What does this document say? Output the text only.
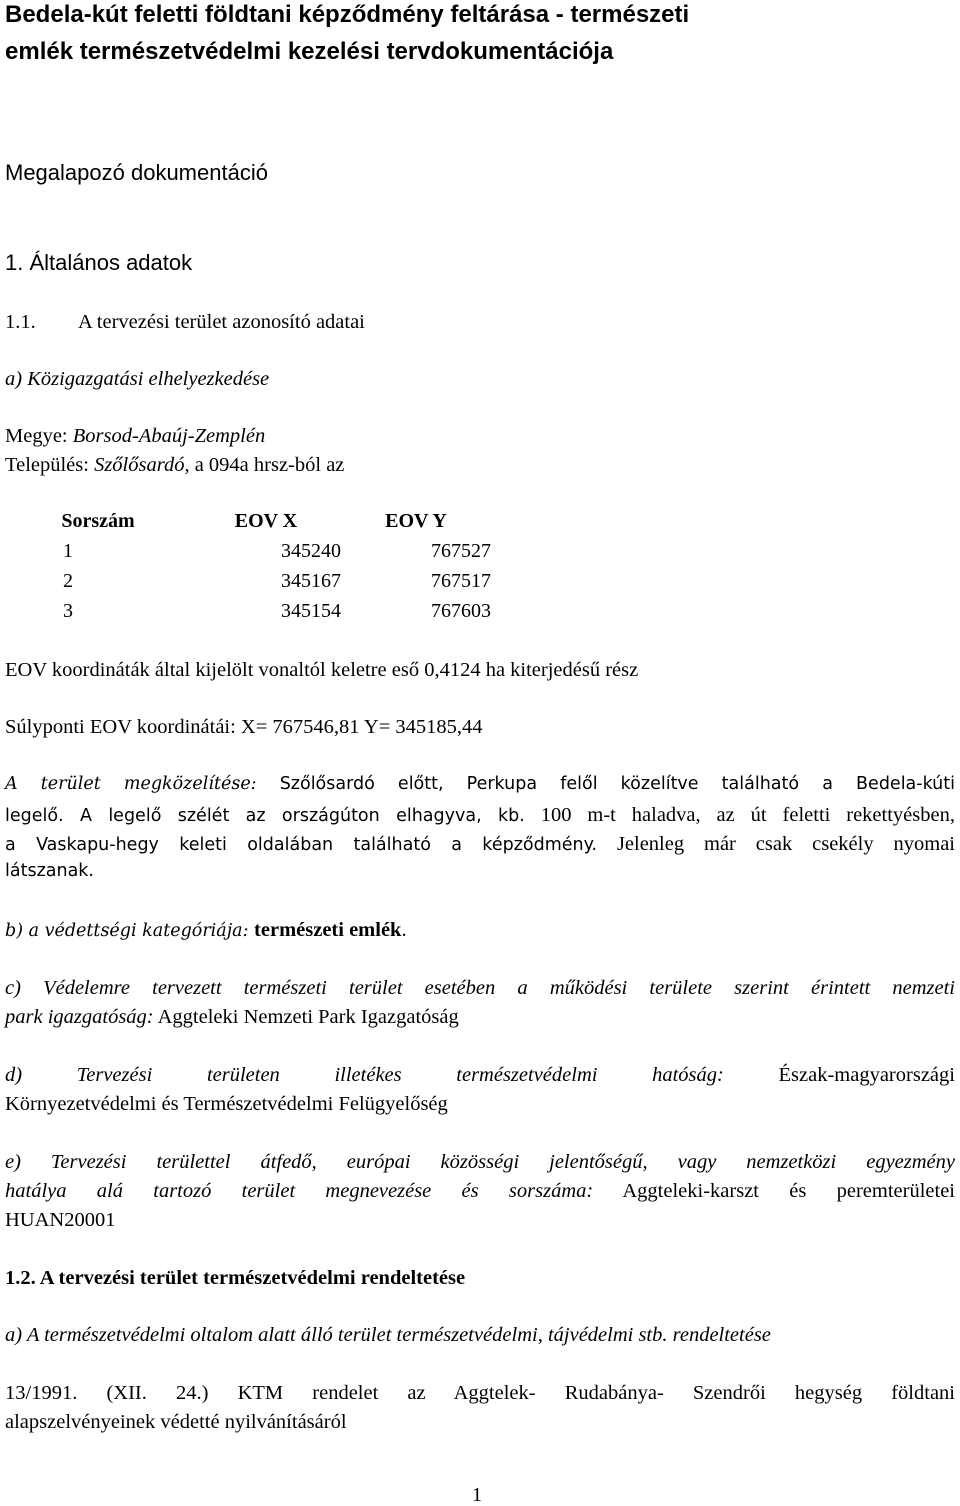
Bedela-kút feletti földtani képződmény feltárása - természeti
emlék természetvédelmi kezelési tervdokumentációja
Megalapozó dokumentáció
1. Általános adatok
1.1. A tervezési terület azonosító adatai
a) Közigazgatási elhelyezkedése
Megye: Borsod-Abaúj-Zemplén
Település: Szőlősardó, a 094a hrsz-ból az
Sorszám	EOV X	EOV Y
1	345240	767527
2	345167	767517
3	345154	767603
EOV koordináták által kijelölt vonaltól keletre eső 0,4124 ha kiterjedésű rész
Súlyponti EOV koordinátái: X= 767546,81 Y= 345185,44
A terület megközelítése: Szőlősardó előtt, Perkupa felől közelítve található a Bedela-kúti
legelő. A legelő szélét az országúton elhagyva, kb. 100 m-t haladva, az út feletti rekettyésben,
a Vaskapu-hegy keleti oldalában található a képződmény. Jelenleg már csak csekély nyomai
látszanak.
b) a védettségi kategóriája: természeti emlék.
c) Védelemre tervezett természeti terület esetében a működési területe szerint érintett nemzeti
park igazgatóság: Aggteleki Nemzeti Park Igazgatóság
d)	Tervezési	területen	illetékes	természetvédelmi	hatóság:	Észak-magyarországi
Környezetvédelmi és Természetvédelmi Felügyelőség
e) Tervezési területtel átfedő, európai közösségi jelentőségű, vagy nemzetközi egyezmény
hatálya alá tartozó terület megnevezése és sorszáma: Aggteleki-karszt és peremterületei
HUAN20001
1.2. A tervezési terület természetvédelmi rendeltetése
a) A természetvédelmi oltalom alatt álló terület természetvédelmi, tájvédelmi stb. rendeltetése
13/1991. (XII. 24.) KTM rendelet az Aggtelek- Rudabánya- Szendrői hegység földtani
alapszelvényeinek védetté nyilvánításáról
1
